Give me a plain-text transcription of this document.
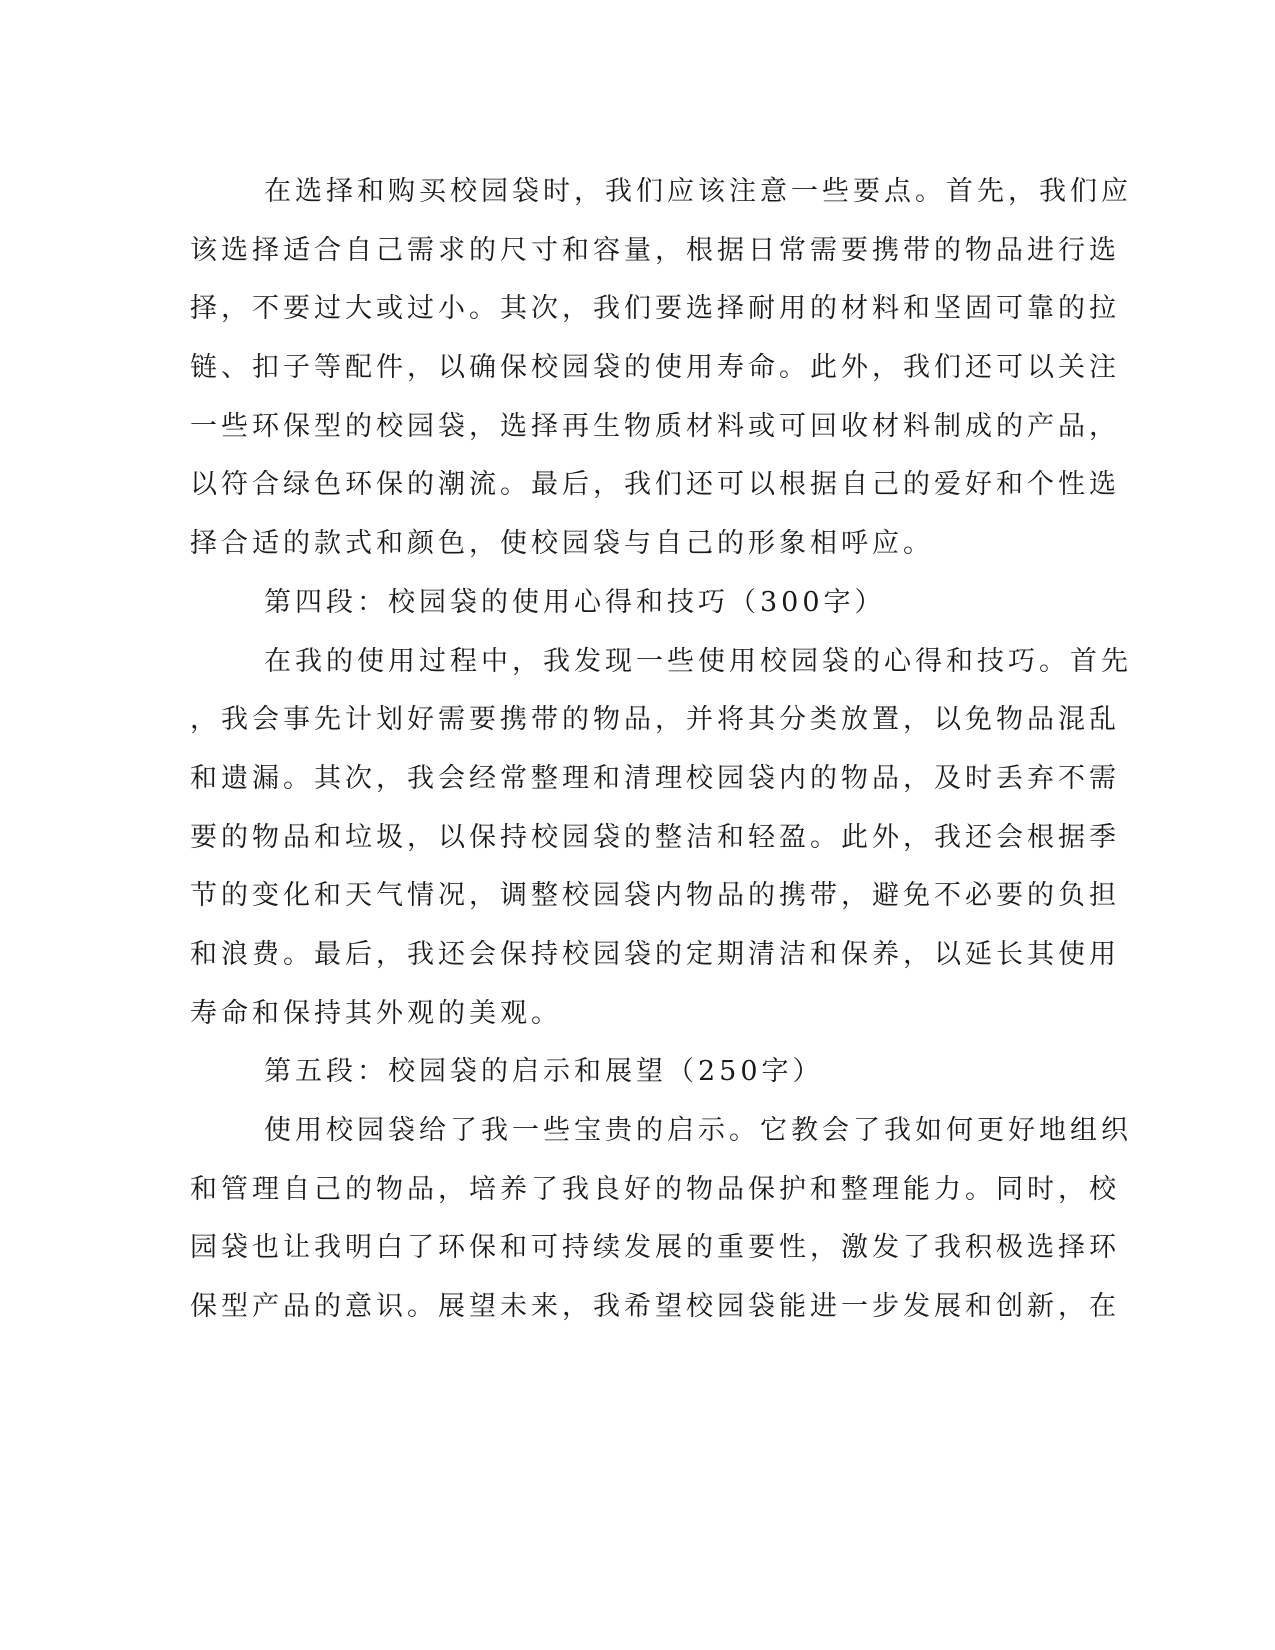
在选择和购买校园袋时，我们应该注意一些要点。首先，我们应
该选择适合自己需求的尺寸和容量，根据日常需要携带的物品进行选
择，不要过大或过小。其次，我们要选择耐用的材料和坚固可靠的拉
链、扣子等配件，以确保校园袋的使用寿命。此外，我们还可以关注
一些环保型的校园袋，选择再生物质材料或可回收材料制成的产品，
以符合绿色环保的潮流。最后，我们还可以根据自己的爱好和个性选
择合适的款式和颜色，使校园袋与自己的形象相呼应。
第四段：校园袋的使用心得和技巧（300字）
在我的使用过程中，我发现一些使用校园袋的心得和技巧。首先
，我会事先计划好需要携带的物品，并将其分类放置，以免物品混乱
和遗漏。其次，我会经常整理和清理校园袋内的物品，及时丢弃不需
要的物品和垃圾，以保持校园袋的整洁和轻盈。此外，我还会根据季
节的变化和天气情况，调整校园袋内物品的携带，避免不必要的负担
和浪费。最后，我还会保持校园袋的定期清洁和保养，以延长其使用
寿命和保持其外观的美观。
第五段：校园袋的启示和展望（250字）
使用校园袋给了我一些宝贵的启示。它教会了我如何更好地组织
和管理自己的物品，培养了我良好的物品保护和整理能力。同时，校
园袋也让我明白了环保和可持续发展的重要性，激发了我积极选择环
保型产品的意识。展望未来，我希望校园袋能进一步发展和创新，在
